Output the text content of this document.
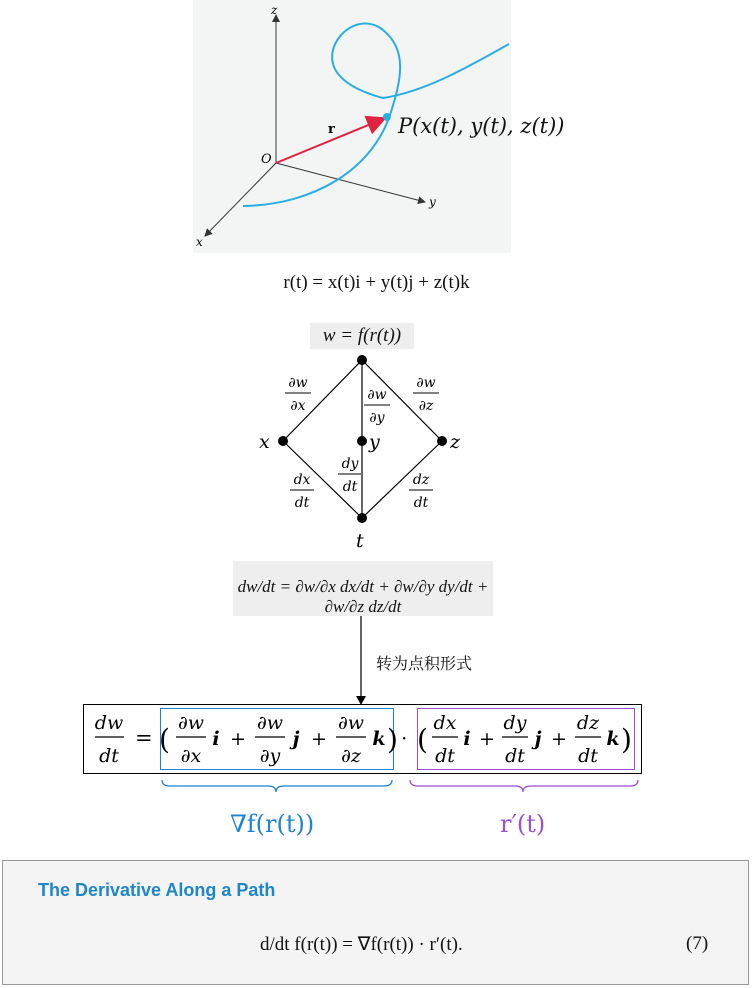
z
y
x
O
r	P(x(t), y(t), z(t))
r(t) = x(t)i + y(t)j + z(t)k
w = f(r(t))
x	y	z
t
∂w
∂x
∂w
∂y
∂w
∂z
dx
dt
dy
dt	dz
dt
dw/dt = ∂w/∂x dx/dt + ∂w/∂y dy/dt + ∂w/∂z dz/dt
转为点积形式
dw
dt
= ( ∂w
∂x
i +
∂w
∂y
j +
∂w
∂z
k ) · ( dx
dt
i +
dy
dt
j +
dz
dt
k )
∇f(r(t))	r′(t)
The Derivative Along a Path
d/dt f(r(t)) = ∇f(r(t)) · r′(t).	(7)
